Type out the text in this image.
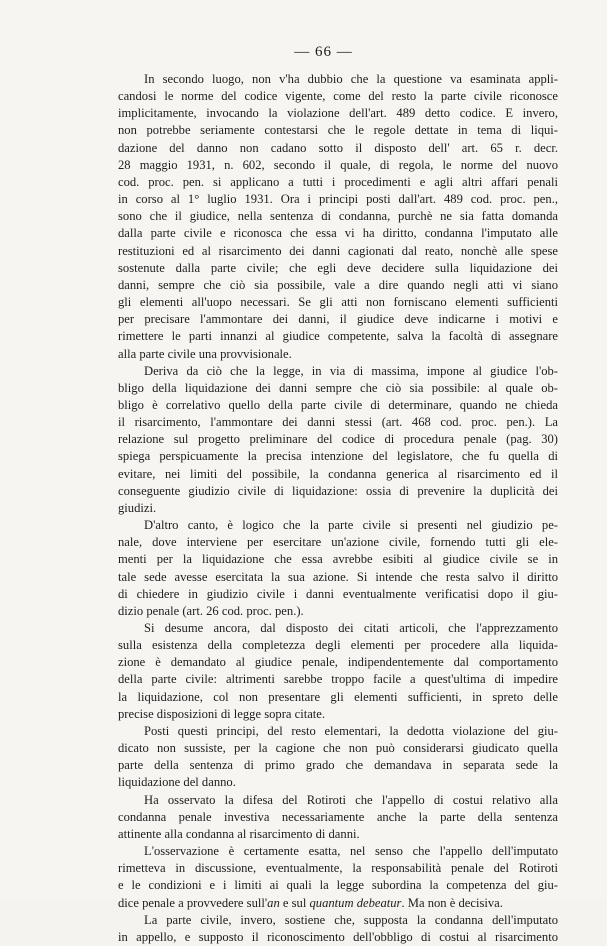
— 66 —
In secondo luogo, non v'ha dubbio che la questione va esaminata appli-
candosi le norme del codice vigente, come del resto la parte civile riconosce
implicitamente, invocando la violazione dell'art. 489 detto codice. E invero,
non potrebbe seriamente contestarsi che le regole dettate in tema di liqui-
dazione del danno non cadano sotto il disposto dell' art. 65 r. decr.
28 maggio 1931, n. 602, secondo il quale, di regola, le norme del nuovo
cod. proc. pen. si applicano a tutti i procedimenti e agli altri affari penali
in corso al 1° luglio 1931. Ora i principi posti dall'art. 489 cod. proc. pen.,
sono che il giudice, nella sentenza di condanna, purchè ne sia fatta domanda
dalla parte civile e riconosca che essa vi ha diritto, condanna l'imputato alle
restituzioni ed al risarcimento dei danni cagionati dal reato, nonchè alle spese
sostenute dalla parte civile; che egli deve decidere sulla liquidazione dei
danni, sempre che ciò sia possibile, vale a dire quando negli atti vi siano
gli elementi all'uopo necessari. Se gli atti non forniscano elementi sufficienti
per precisare l'ammontare dei danni, il giudice deve indicarne i motivi e
rimettere le parti innanzi al giudice competente, salva la facoltà di assegnare
alla parte civile una provvisionale.
Deriva da ciò che la legge, in via di massima, impone al giudice l'ob-
bligo della liquidazione dei danni sempre che ciò sia possibile: al quale ob-
bligo è correlativo quello della parte civile di determinare, quando ne chieda
il risarcimento, l'ammontare dei danni stessi (art. 468 cod. proc. pen.). La
relazione sul progetto preliminare del codice di procedura penale (pag. 30)
spiega perspicuamente la precisa intenzione del legislatore, che fu quella di
evitare, nei limiti del possibile, la condanna generica al risarcimento ed il
conseguente giudizio civile di liquidazione: ossia di prevenire la duplicità dei
giudizi.
D'altro canto, è logico che la parte civile si presenti nel giudizio pe-
nale, dove interviene per esercitare un'azione civile, fornendo tutti gli ele-
menti per la liquidazione che essa avrebbe esibiti al giudice civile se in
tale sede avesse esercitata la sua azione. Si intende che resta salvo il diritto
di chiedere in giudizio civile i danni eventualmente verificatisi dopo il giu-
dizio penale (art. 26 cod. proc. pen.).
Si desume ancora, dal disposto dei citati articoli, che l'apprezzamento
sulla esistenza della completezza degli elementi per procedere alla liquida-
zione è demandato al giudice penale, indipendentemente dal comportamento
della parte civile: altrimenti sarebbe troppo facile a quest'ultima di impedire
la liquidazione, col non presentare gli elementi sufficienti, in spreto delle
precise disposizioni di legge sopra citate.
Posti questi principi, del resto elementari, la dedotta violazione del giu-
dicato non sussiste, per la cagione che non può considerarsi giudicato quella
parte della sentenza di primo grado che demandava in separata sede la
liquidazione del danno.
Ha osservato la difesa del Rotiroti che l'appello di costui relativo alla
condanna penale investiva necessariamente anche la parte della sentenza
attinente alla condanna al risarcimento di danni.
L'osservazione è certamente esatta, nel senso che l'appello dell'imputato
rimetteva in discussione, eventualmente, la responsabilità penale del Rotiroti
e le condizioni e i limiti ai quali la legge subordina la competenza del giu-
dice penale a provvedere sull'an e sul quantum debeatur. Ma non è decisiva.
La parte civile, invero, sostiene che, supposta la condanna dell'imputato
in appello, e supposto il riconoscimento dell'obbligo di costui al risarcimento
